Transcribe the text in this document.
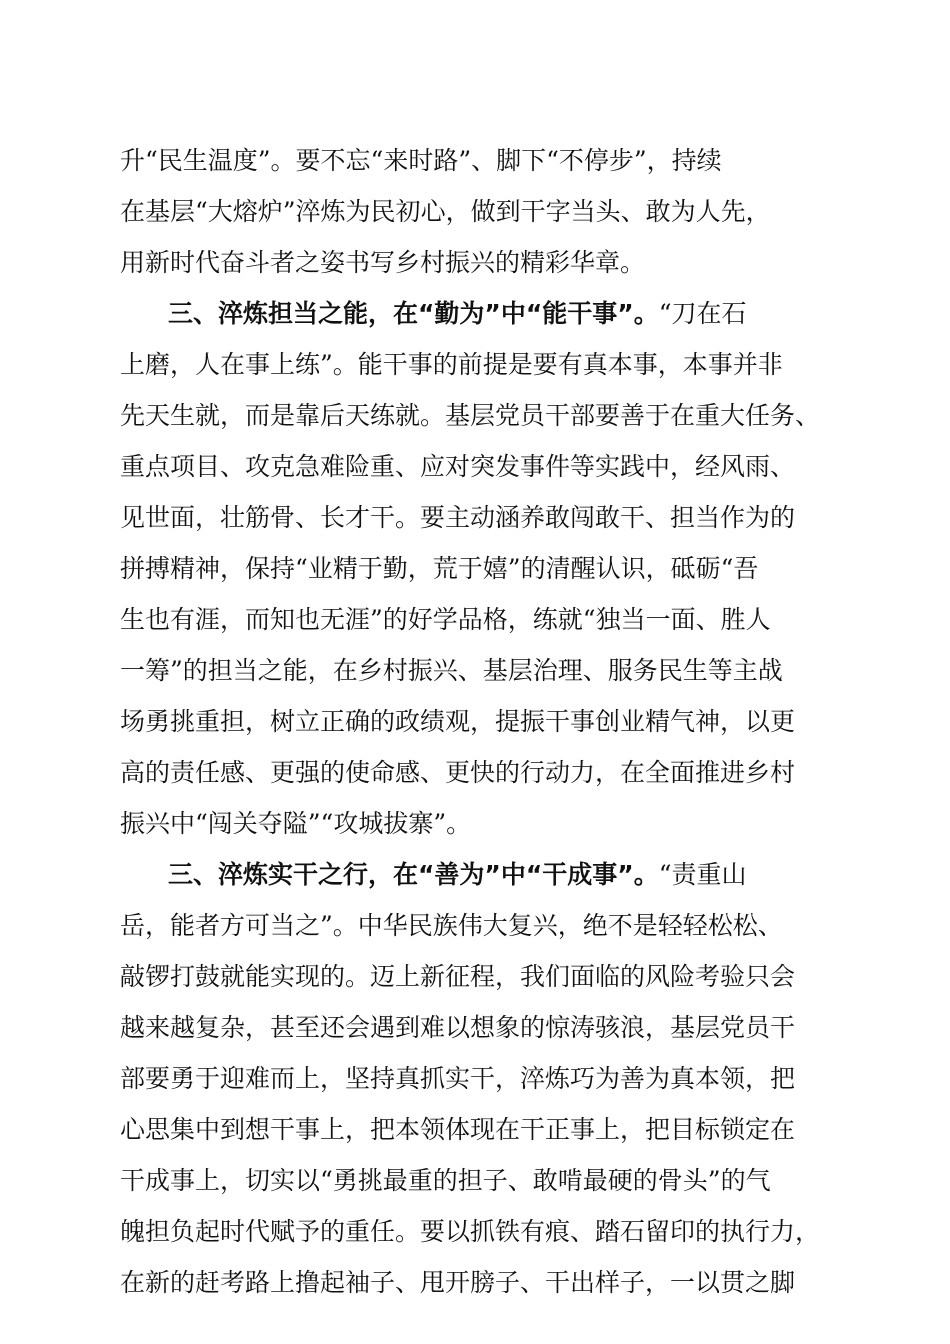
升“民生温度”。要不忘“来时路”、脚下“不停步”，持续
在基层“大熔炉”淬炼为民初心，做到干字当头、敢为人先，
用新时代奋斗者之姿书写乡村振兴的精彩华章。
三、淬炼担当之能，在“勤为”中“能干事”。“刀在石
上磨，人在事上练”。能干事的前提是要有真本事，本事并非
先天生就，而是靠后天练就。基层党员干部要善于在重大任务、
重点项目、攻克急难险重、应对突发事件等实践中，经风雨、
见世面，壮筋骨、长才干。要主动涵养敢闯敢干、担当作为的
拼搏精神，保持“业精于勤，荒于嬉”的清醒认识，砥砺“吾
生也有涯，而知也无涯”的好学品格，练就“独当一面、胜人
一筹”的担当之能，在乡村振兴、基层治理、服务民生等主战
场勇挑重担，树立正确的政绩观，提振干事创业精气神，以更
高的责任感、更强的使命感、更快的行动力，在全面推进乡村
振兴中“闯关夺隘”“攻城拔寨”。
三、淬炼实干之行，在“善为”中“干成事”。“责重山
岳，能者方可当之”。中华民族伟大复兴，绝不是轻轻松松、
敲锣打鼓就能实现的。迈上新征程，我们面临的风险考验只会
越来越复杂，甚至还会遇到难以想象的惊涛骇浪，基层党员干
部要勇于迎难而上，坚持真抓实干，淬炼巧为善为真本领，把
心思集中到想干事上，把本领体现在干正事上，把目标锁定在
干成事上，切实以“勇挑最重的担子、敢啃最硬的骨头”的气
魄担负起时代赋予的重任。要以抓铁有痕、踏石留印的执行力，
在新的赶考路上撸起袖子、甩开膀子、干出样子，一以贯之脚
